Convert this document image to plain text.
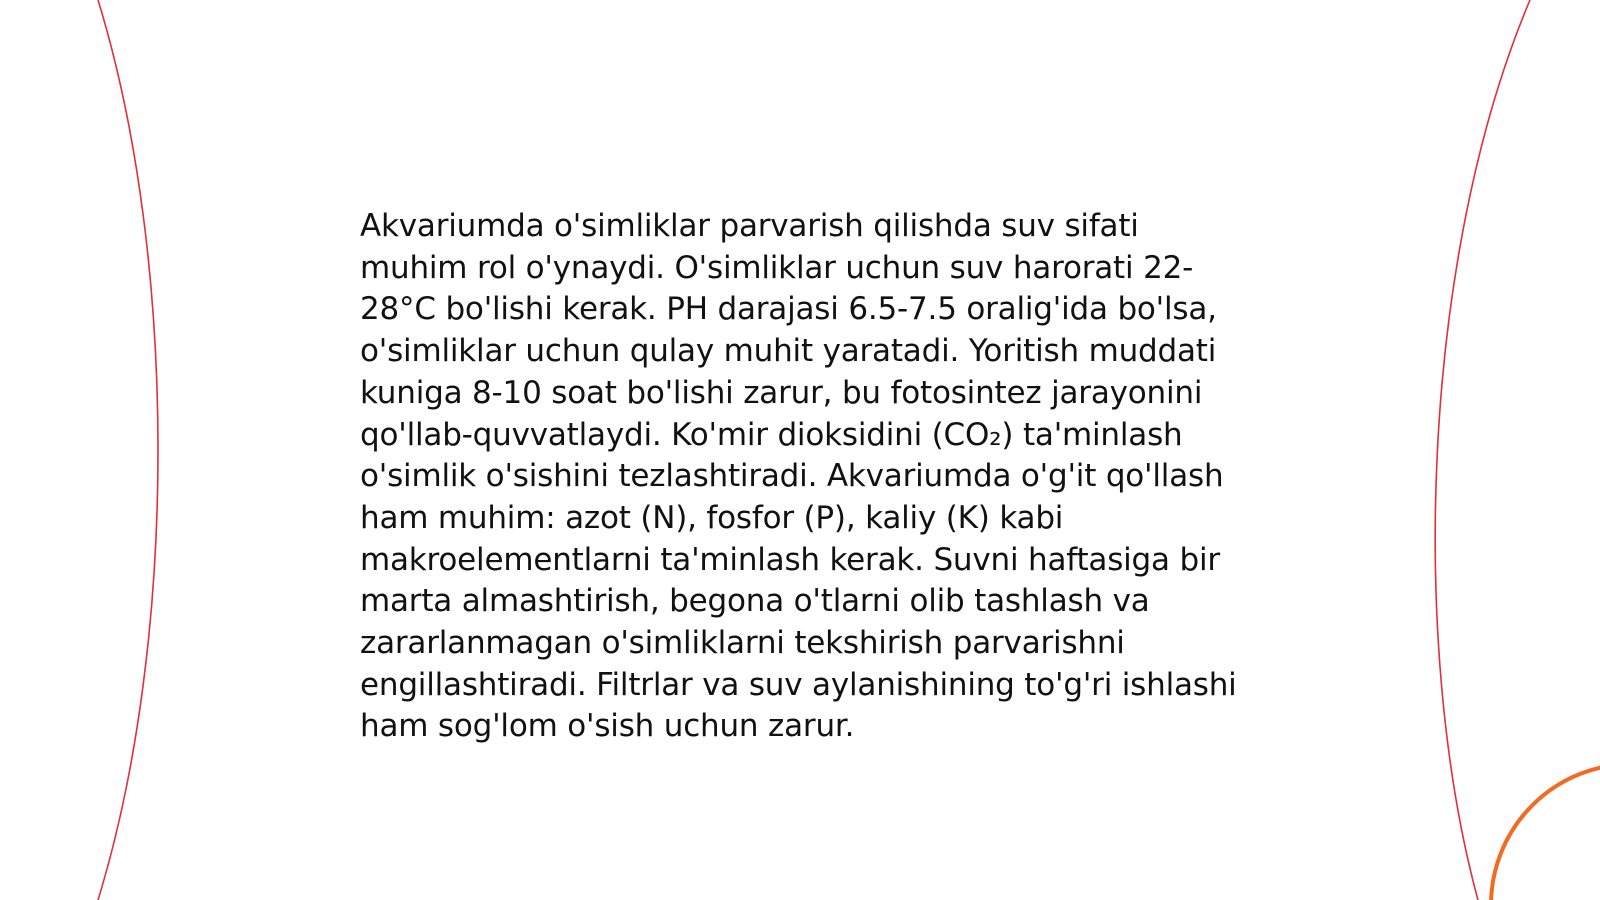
Akvariumda o'simliklar parvarish qilishda suv sifati muhim rol o'ynaydi. O'simliklar uchun suv harorati 22-28°C bo'lishi kerak. PH darajasi 6.5-7.5 oralig'ida bo'lsa, o'simliklar uchun qulay muhit yaratadi. Yoritish muddati kuniga 8-10 soat bo'lishi zarur, bu fotosintez jarayonini qo'llab-quvvatlaydi. Ko'mir dioksidini (CO₂) ta'minlash o'simlik o'sishini tezlashtiradi. Akvariumda o'g'it qo'llash ham muhim: azot (N), fosfor (P), kaliy (K) kabi makroelementlarni ta'minlash kerak. Suvni haftasiga bir marta almashtirish, begona o'tlarni olib tashlash va zararlanmagan o'simliklarni tekshirish parvarishni engillashtiradi. Filtrlar va suv aylanishining to'g'ri ishlashi ham sog'lom o'sish uchun zarur.
